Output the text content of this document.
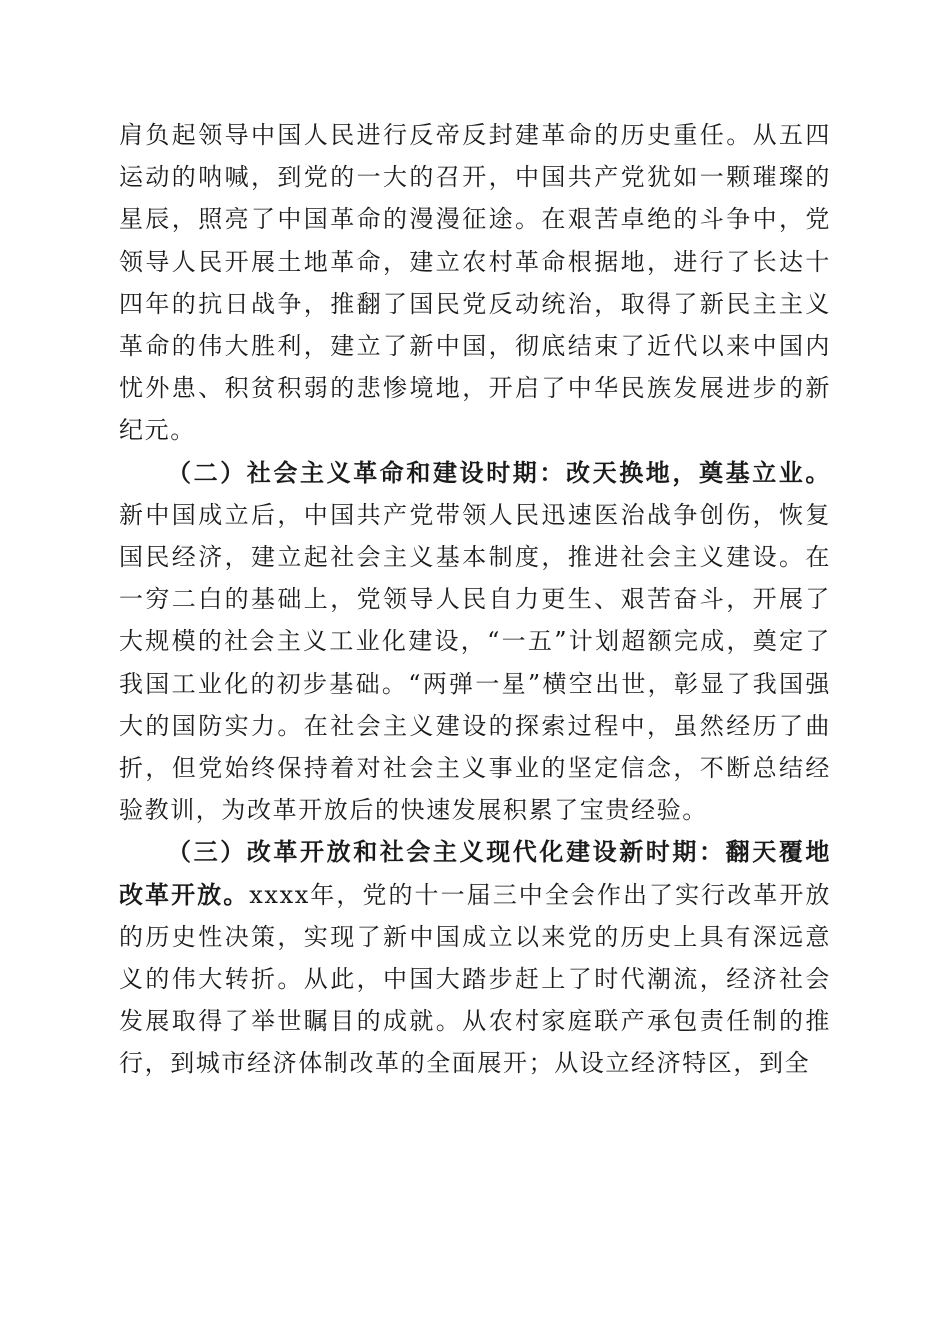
肩负起领导中国人民进行反帝反封建革命的历史重任。从五四运动的呐喊，到党的一大的召开，中国共产党犹如一颗璀璨的星辰，照亮了中国革命的漫漫征途。在艰苦卓绝的斗争中，党领导人民开展土地革命，建立农村革命根据地，进行了长达十四年的抗日战争，推翻了国民党反动统治，取得了新民主主义革命的伟大胜利，建立了新中国，彻底结束了近代以来中国内忧外患、积贫积弱的悲惨境地，开启了中华民族发展进步的新纪元。

（二）社会主义革命和建设时期：改天换地，奠基立业。新中国成立后，中国共产党带领人民迅速医治战争创伤，恢复国民经济，建立起社会主义基本制度，推进社会主义建设。在一穷二白的基础上，党领导人民自力更生、艰苦奋斗，开展了大规模的社会主义工业化建设，“一五”计划超额完成，奠定了我国工业化的初步基础。“两弹一星”横空出世，彰显了我国强大的国防实力。在社会主义建设的探索过程中，虽然经历了曲折，但党始终保持着对社会主义事业的坚定信念，不断总结经验教训，为改革开放后的快速发展积累了宝贵经验。

（三）改革开放和社会主义现代化建设新时期：翻天覆地改革开放。xxxx年，党的十一届三中全会作出了实行改革开放的历史性决策，实现了新中国成立以来党的历史上具有深远意义的伟大转折。从此，中国大踏步赶上了时代潮流，经济社会发展取得了举世瞩目的成就。从农村家庭联产承包责任制的推行，到城市经济体制改革的全面展开；从设立经济特区，到全
